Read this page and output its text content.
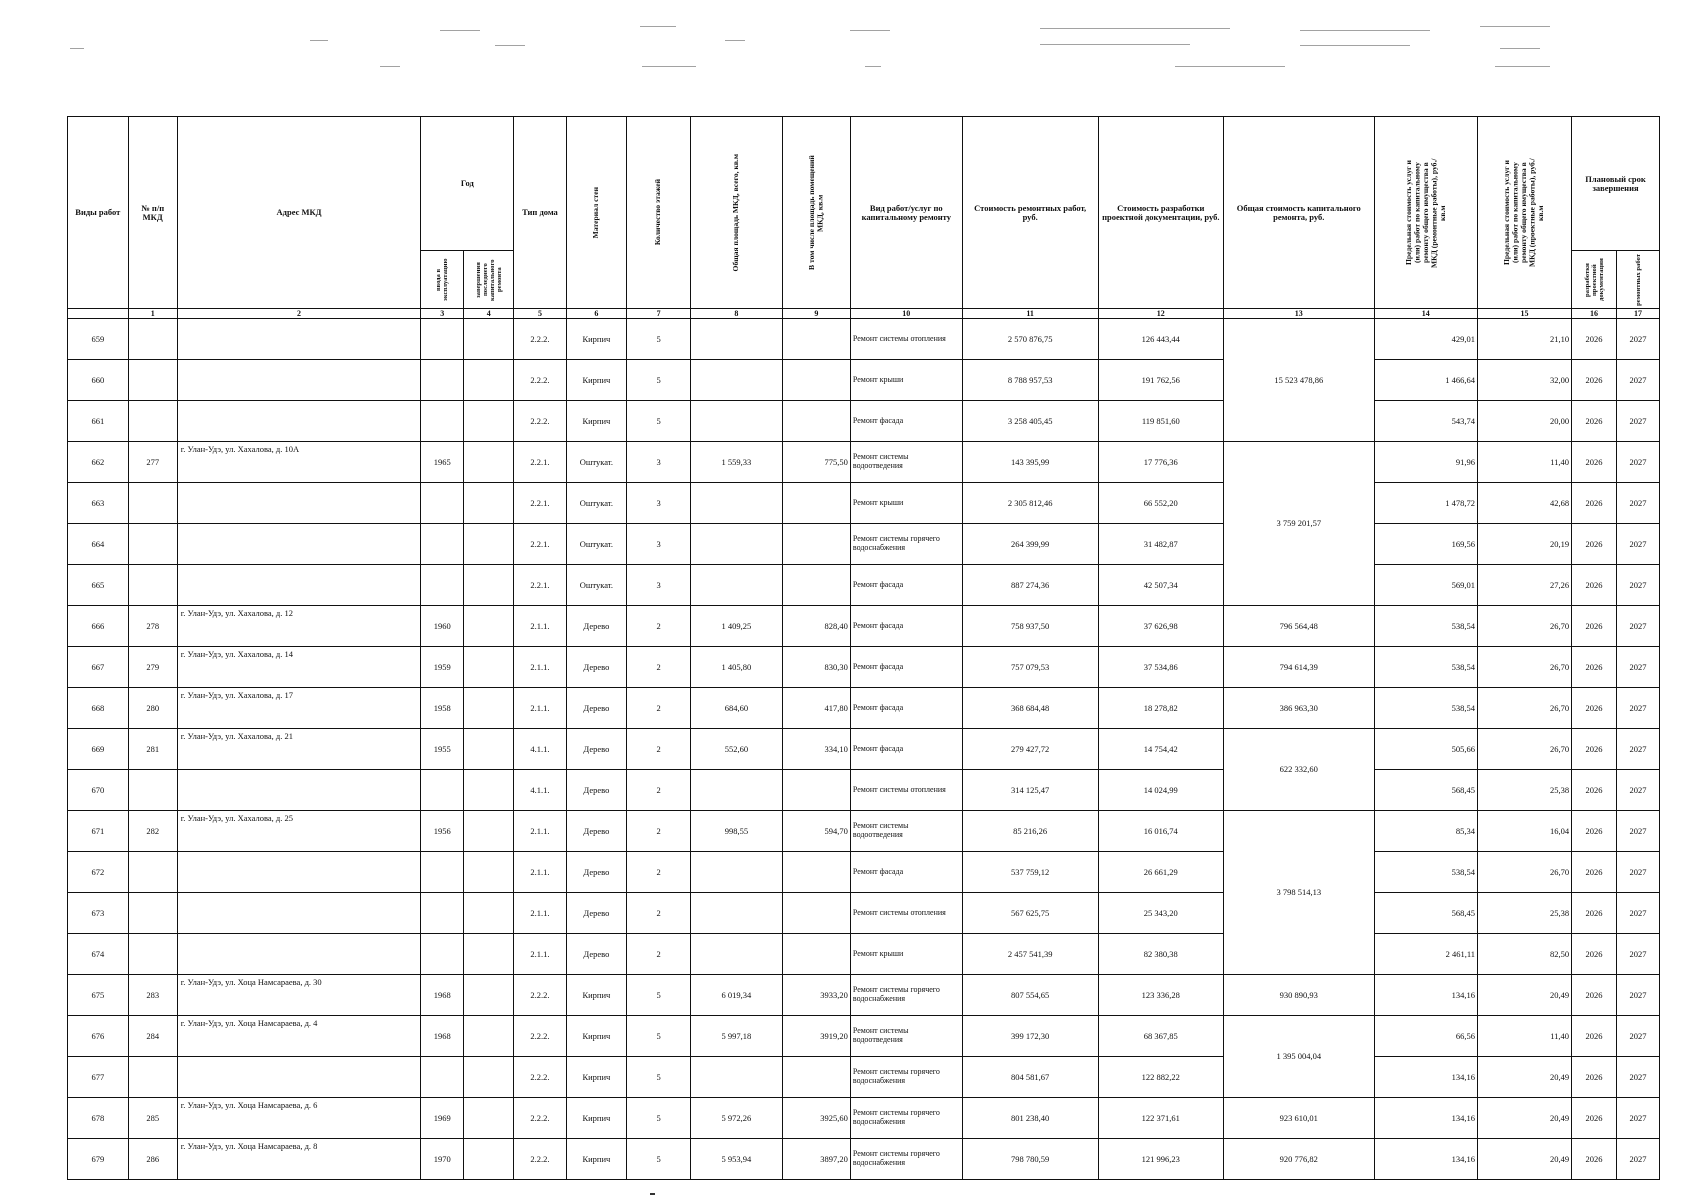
Виды работ	№ п/п МКД	Адрес МКД	Год		Тип дома	Материал стен	Количество этажей	Общая площадь МКД, всего, кв.м	В том числе площадь помещений МКД, кв.м	Вид работ/услуг по капитальному ремонту	Стоимость ремонтных работ, руб.	Стоимость разработки проектной документации, руб.	Общая стоимость капитального ремонта, руб.	Предельная стоимость услуг и (или) работ по капитальному ремонту общего имущества в МКД (ремонтные работы), руб./кв.м	Предельная стоимость услуг и (или) работ по капитальному ремонту общего имущества в МКД (проектные работы), руб./кв.м	Плановый срок завершения	

			ввода в эксплуатацию	завершения последнего капитального ремонта												разработки проектной документации	ремонтных работ

	1	2	3	4	5	6	7	8	9	10	11	12	13	14	15	16	17
659					2.2.2.	Кирпич	5			Ремонт системы отопления	2 570 876,75	126 443,44	15 523 478,86	429,01	21,10	2026	2027
660					2.2.2.	Кирпич	5			Ремонт крыши	8 788 957,53	191 762,56		1 466,64	32,00	2026	2027
661					2.2.2.	Кирпич	5			Ремонт фасада	3 258 405,45	119 851,60		543,74	20,00	2026	2027
662	277	г. Улан-Удэ, ул. Хахалова, д. 10А	1965		2.2.1.	Оштукат.	3	1 559,33	775,50	Ремонт системы водоотведения	143 395,99	17 776,36	3 759 201,57	91,96	11,40	2026	2027
663					2.2.1.	Оштукат.	3			Ремонт крыши	2 305 812,46	66 552,20		1 478,72	42,68	2026	2027
664					2.2.1.	Оштукат.	3			Ремонт системы горячего водоснабжения	264 399,99	31 482,87		169,56	20,19	2026	2027
665					2.2.1.	Оштукат.	3			Ремонт фасада	887 274,36	42 507,34		569,01	27,26	2026	2027
666	278	г. Улан-Удэ, ул. Хахалова, д. 12	1960		2.1.1.	Дерево	2	1 409,25	828,40	Ремонт фасада	758 937,50	37 626,98	796 564,48	538,54	26,70	2026	2027
667	279	г. Улан-Удэ, ул. Хахалова, д. 14	1959		2.1.1.	Дерево	2	1 405,80	830,30	Ремонт фасада	757 079,53	37 534,86	794 614,39	538,54	26,70	2026	2027
668	280	г. Улан-Удэ, ул. Хахалова, д. 17	1958		2.1.1.	Дерево	2	684,60	417,80	Ремонт фасада	368 684,48	18 278,82	386 963,30	538,54	26,70	2026	2027
669	281	г. Улан-Удэ, ул. Хахалова, д. 21	1955		4.1.1.	Дерево	2	552,60	334,10	Ремонт фасада	279 427,72	14 754,42	622 332,60	505,66	26,70	2026	2027
670					4.1.1.	Дерево	2			Ремонт системы отопления	314 125,47	14 024,99		568,45	25,38	2026	2027
671	282	г. Улан-Удэ, ул. Хахалова, д. 25	1956		2.1.1.	Дерево	2	998,55	594,70	Ремонт системы водоотведения	85 216,26	16 016,74	3 798 514,13	85,34	16,04	2026	2027
672					2.1.1.	Дерево	2			Ремонт фасада	537 759,12	26 661,29		538,54	26,70	2026	2027
673					2.1.1.	Дерево	2			Ремонт системы отопления	567 625,75	25 343,20		568,45	25,38	2026	2027
674					2.1.1.	Дерево	2			Ремонт крыши	2 457 541,39	82 380,38		2 461,11	82,50	2026	2027
675	283	г. Улан-Удэ, ул. Хоца Намсараева, д. 30	1968		2.2.2.	Кирпич	5	6 019,34	3933,20	Ремонт системы горячего водоснабжения	807 554,65	123 336,28	930 890,93	134,16	20,49	2026	2027
676	284	г. Улан-Удэ, ул. Хоца Намсараева, д. 4	1968		2.2.2.	Кирпич	5	5 997,18	3919,20	Ремонт системы водоотведения	399 172,30	68 367,85	1 395 004,04	66,56	11,40	2026	2027
677					2.2.2.	Кирпич	5			Ремонт системы горячего водоснабжения	804 581,67	122 882,22		134,16	20,49	2026	2027
678	285	г. Улан-Удэ, ул. Хоца Намсараева, д. 6	1969		2.2.2.	Кирпич	5	5 972,26	3925,60	Ремонт системы горячего водоснабжения	801 238,40	122 371,61	923 610,01	134,16	20,49	2026	2027
679	286	г. Улан-Удэ, ул. Хоца Намсараева, д. 8	1970		2.2.2.	Кирпич	5	5 953,94	3897,20	Ремонт системы горячего водоснабжения	798 780,59	121 996,23	920 776,82	134,16	20,49	2026	2027
